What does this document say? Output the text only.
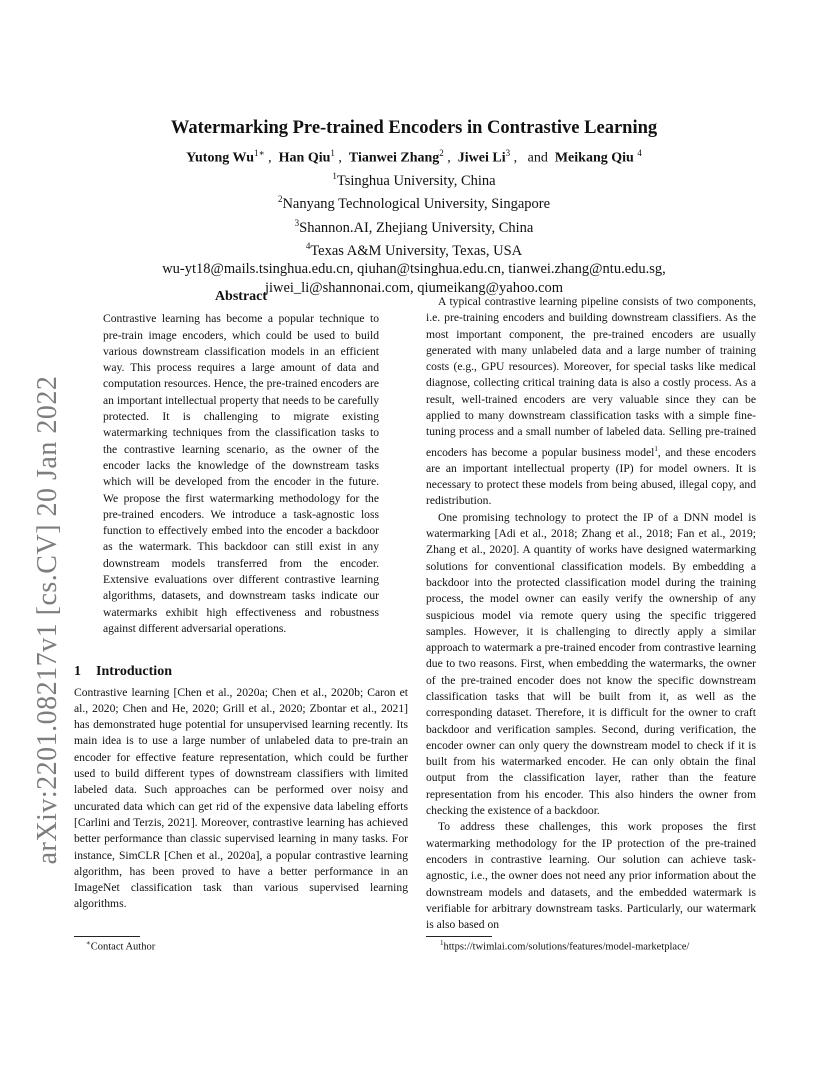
arXiv:2201.08217v1 [cs.CV] 20 Jan 2022
Watermarking Pre-trained Encoders in Contrastive Learning
Yutong $Wu^{1∗}$ ,  Han Qiu$^1$ ,  Tianwei Zhang$^2$ ,  Jiwei Li$^3$ ,   and Meikang Qiu $^4$
$^1$Tsinghua University, China
$^2$Nanyang Technological University, Singapore
$^3$Shannon.AI, Zhejiang University, China
$^4$Texas A&M University, Texas, USA
wu-yt18@mails.tsinghua.edu.cn, qiuhan@tsinghua.edu.cn, tianwei.zhang@ntu.edu.sg,
jiwei_li@shannonai.com, qiumeikang@yahoo.com

Abstract

Contrastive learning has become a popular technique to pre-train image encoders, which could be used to build various downstream classification models in an efficient way. This process requires a large amount of data and computation resources. Hence, the pre-trained encoders are an important intellectual property that needs to be carefully protected. It is challenging to migrate existing watermarking techniques from the classification tasks to the contrastive learning scenario, as the owner of the encoder lacks the knowledge of the downstream tasks which will be developed from the encoder in the future. We propose the first watermarking methodology for the pre-trained encoders. We introduce a task-agnostic loss function to effectively embed into the encoder a backdoor as the watermark. This backdoor can still exist in any downstream models transferred from the encoder. Extensive evaluations over different contrastive learning algorithms, datasets, and downstream tasks indicate our watermarks exhibit high effectiveness and robustness against different adversarial operations.

1 Introduction

Contrastive learning [Chen et al., 2020a; Chen et al., 2020b; Caron et al., 2020; Chen and He, 2020; Grill et al., 2020; Zbontar et al., 2021] has demonstrated huge potential for unsupervised learning recently. Its main idea is to use a large number of unlabeled data to pre-train an encoder for effective feature representation, which could be further used to build different types of downstream classifiers with limited labeled data. Such approaches can be performed over noisy and uncurated data which can get rid of the expensive data labeling efforts [Carlini and Terzis, 2021]. Moreover, contrastive learning has achieved better performance than classic supervised learning in many tasks. For instance, SimCLR [Chen et al., 2020a], a popular contrastive learning algorithm, has been proved to have a better performance in an ImageNet classification task than various supervised learning algorithms.

A typical contrastive learning pipeline consists of two components, i.e. pre-training encoders and building downstream classifiers. As the most important component, the pre-trained encoders are usually generated with many unlabeled data and a large number of training costs (e.g., GPU resources). Moreover, for special tasks like medical diagnose, collecting critical training data is also a costly process. As a result, well-trained encoders are very valuable since they can be applied to many downstream classification tasks with a simple fine-tuning process and a small number of labeled data. Selling pre-trained encoders has become a popular business model$^1$, and these encoders are an important intellectual property (IP) for model owners. It is necessary to protect these models from being abused, illegal copy, and redistribution.

One promising technology to protect the IP of a DNN model is watermarking [Adi et al., 2018; Zhang et al., 2018; Fan et al., 2019; Zhang et al., 2020]. A quantity of works have designed watermarking solutions for conventional classification models. By embedding a backdoor into the protected classification model during the training process, the model owner can easily verify the ownership of any suspicious model via remote query using the specific triggered samples. However, it is challenging to directly apply a similar approach to watermark a pre-trained encoder from contrastive learning due to two reasons. First, when embedding the watermarks, the owner of the pre-trained encoder does not know the specific downstream classification tasks that will be built from it, as well as the corresponding dataset. Therefore, it is difficult for the owner to craft backdoor and verification samples. Second, during verification, the encoder owner can only query the downstream model to check if it is built from his watermarked encoder. He can only obtain the final output from the classification layer, rather than the feature representation from his encoder. This also hinders the owner from checking the existence of a backdoor.

To address these challenges, this work proposes the first watermarking methodology for the IP protection of the pre-trained encoders in contrastive learning. Our solution can achieve task-agnostic, i.e., the owner does not need any prior information about the downstream models and datasets, and the embedded watermark is verifiable for arbitrary downstream tasks. Particularly, our watermark is also based on

∗Contact Author	$^1$https://twimlai.com/solutions/features/model-marketplace/
